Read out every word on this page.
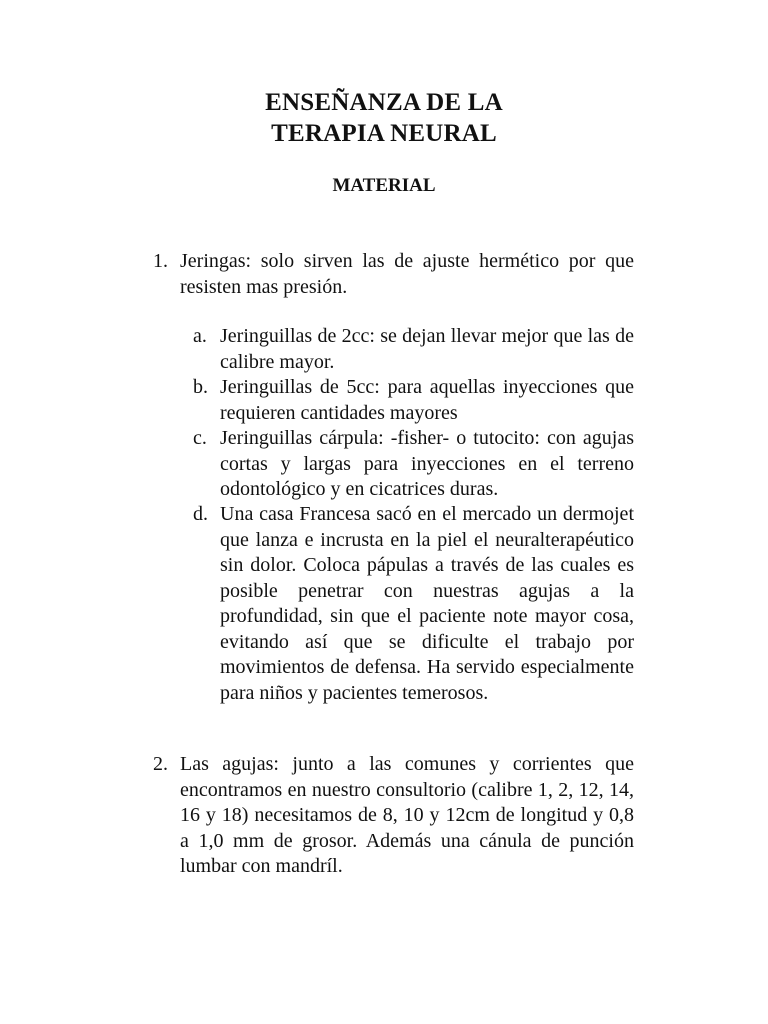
ENSEÑANZA DE LA
TERAPIA NEURAL
MATERIAL
1. Jeringas: solo sirven las de ajuste hermético por que resisten mas presión.
a. Jeringuillas de 2cc: se dejan llevar mejor que las de calibre mayor.
b. Jeringuillas de 5cc: para aquellas inyecciones que requieren cantidades mayores
c. Jeringuillas cárpula: -fisher- o tutocito: con agujas cortas y largas para inyecciones en el terreno odontológico y en cicatrices duras.
d. Una casa Francesa sacó en el mercado un dermojet que lanza e incrusta en la piel el neuralterapéutico sin dolor. Coloca pápulas a través de las cuales es posible penetrar con nuestras agujas a la profundidad, sin que el paciente note mayor cosa, evitando así que se dificulte el trabajo por movimientos de defensa. Ha servido especialmente para niños y pacientes temerosos.
2. Las agujas: junto a las comunes y corrientes que encontramos en nuestro consultorio (calibre 1, 2, 12, 14, 16 y 18) necesitamos de 8, 10 y 12cm de longitud y 0,8 a 1,0 mm de grosor. Además una cánula de punción lumbar con mandríl.
